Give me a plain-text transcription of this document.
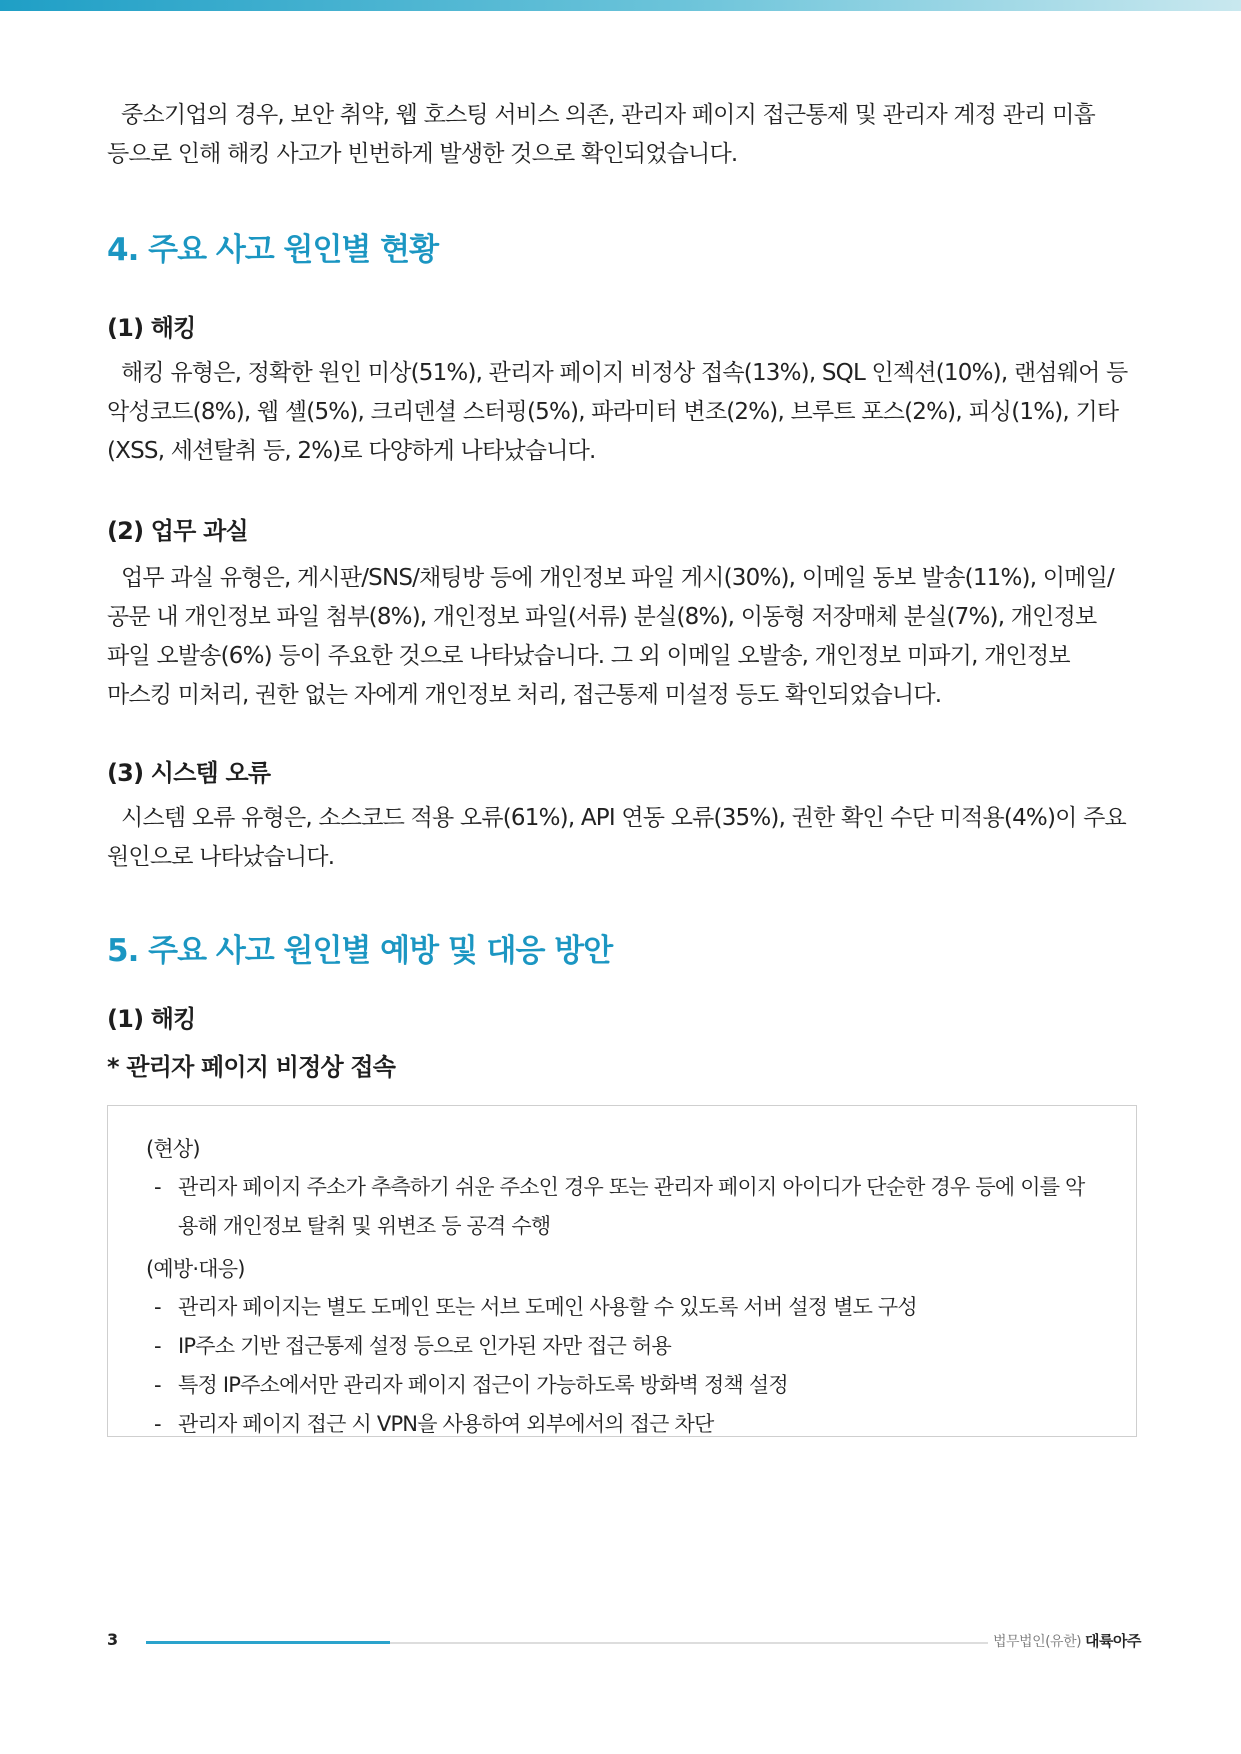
중소기업의 경우, 보안 취약, 웹 호스팅 서비스 의존, 관리자 페이지 접근통제 및 관리자 계정 관리 미흡 등으로 인해 해킹 사고가 빈번하게 발생한 것으로 확인되었습니다.

4. 주요 사고 원인별 현황
(1) 해킹

해킹 유형은, 정확한 원인 미상(51%), 관리자 페이지 비정상 접속(13%), SQL 인젝션(10%), 랜섬웨어 등 악성코드(8%), 웹 셸(5%), 크리덴셜 스터핑(5%), 파라미터 변조(2%), 브루트 포스(2%), 피싱(1%), 기타(XSS, 세션탈취 등, 2%)로 다양하게 나타났습니다.

(2) 업무 과실

업무 과실 유형은, 게시판/SNS/채팅방 등에 개인정보 파일 게시(30%), 이메일 동보 발송(11%), 이메일/공문 내 개인정보 파일 첨부(8%), 개인정보 파일(서류) 분실(8%), 이동형 저장매체 분실(7%), 개인정보 파일 오발송(6%) 등이 주요한 것으로 나타났습니다. 그 외 이메일 오발송, 개인정보 미파기, 개인정보 마스킹 미처리, 권한 없는 자에게 개인정보 처리, 접근통제 미설정 등도 확인되었습니다.

(3) 시스템 오류

시스템 오류 유형은, 소스코드 적용 오류(61%), API 연동 오류(35%), 권한 확인 수단 미적용(4%)이 주요 원인으로 나타났습니다.

5. 주요 사고 원인별 예방 및 대응 방안
(1) 해킹
* 관리자 페이지 비정상 접속

(현상)

- 관리자 페이지 주소가 추측하기 쉬운 주소인 경우 또는 관리자 페이지 아이디가 단순한 경우 등에 이를 악용해 개인정보 탈취 및 위변조 등 공격 수행

(예방·대응)

- 관리자 페이지는 별도 도메인 또는 서브 도메인 사용할 수 있도록 서버 설정 별도 구성
- IP주소 기반 접근통제 설정 등으로 인가된 자만 접근 허용
- 특정 IP주소에서만 관리자 페이지 접근이 가능하도록 방화벽 정책 설정
- 관리자 페이지 접근 시 VPN을 사용하여 외부에서의 접근 차단
3	법무법인(유한) 대륙아주
